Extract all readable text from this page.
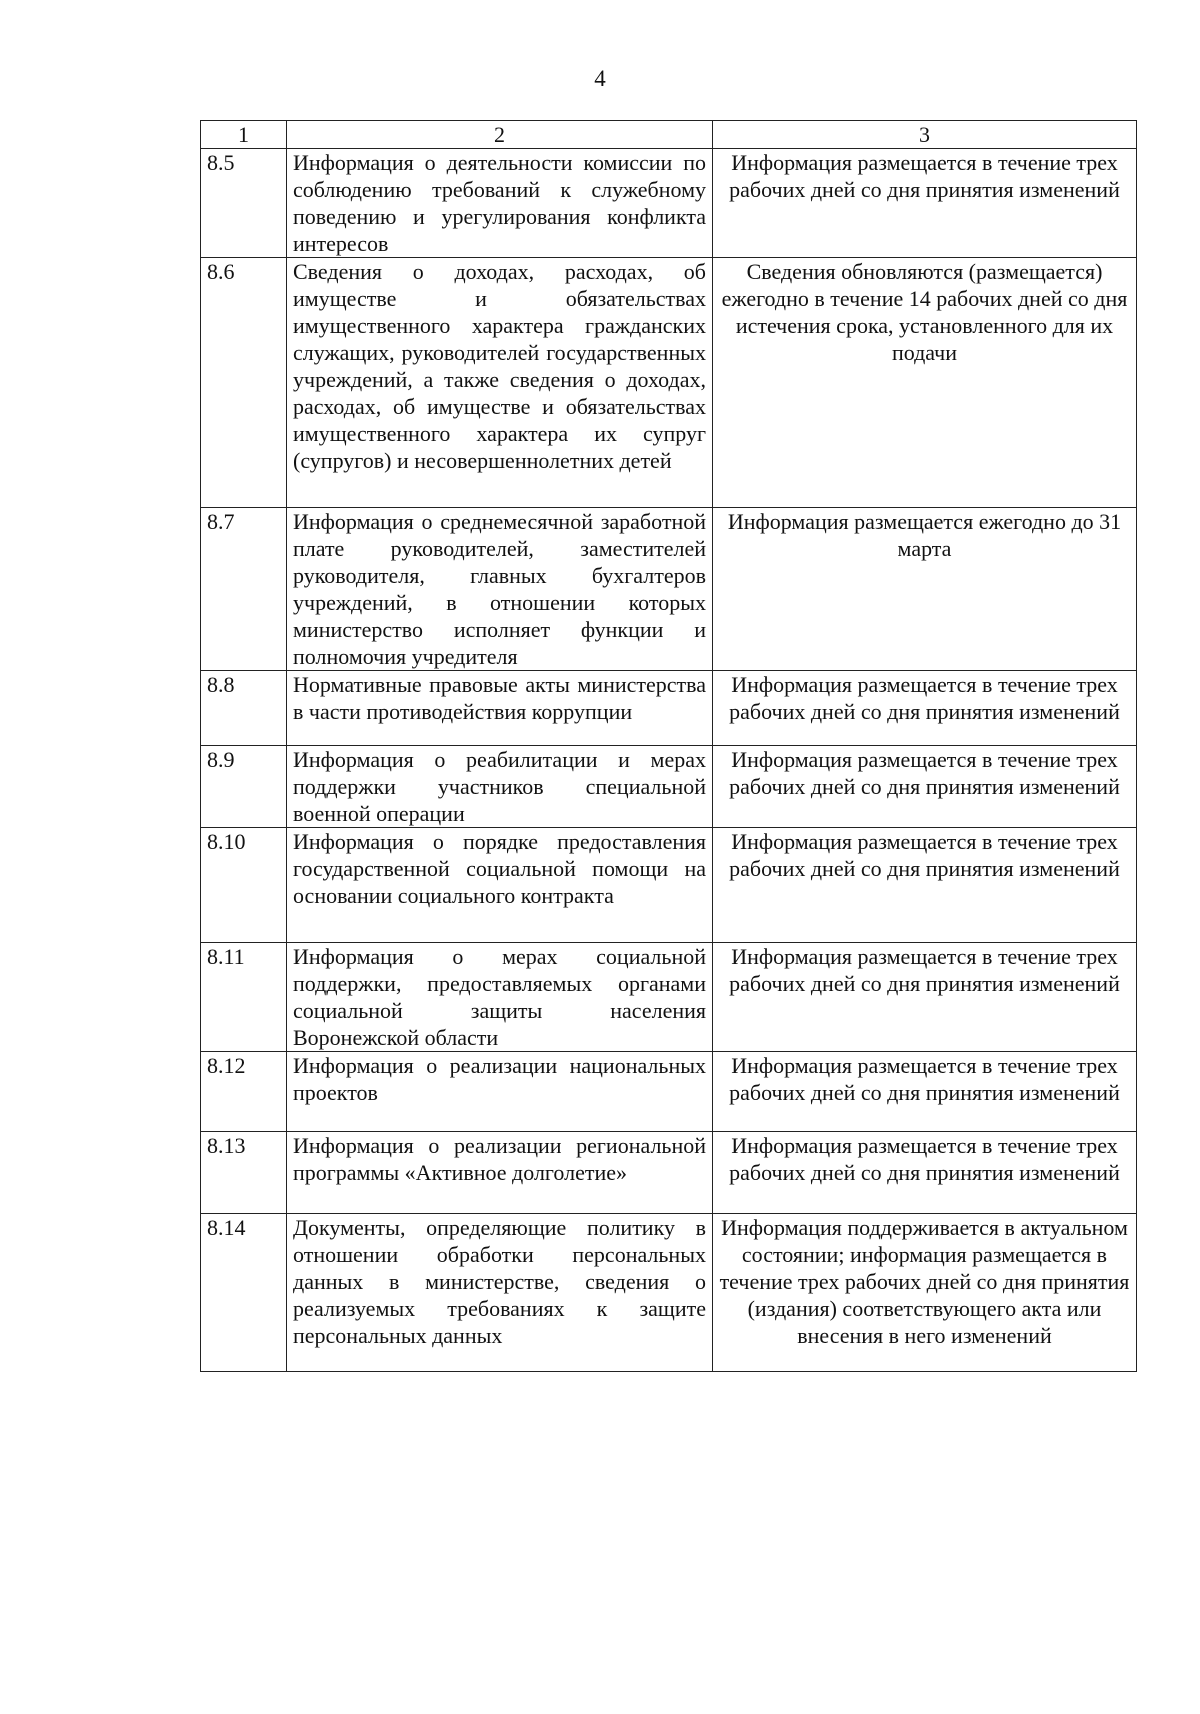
4
1	2	3
8.5	Информация о деятельности комиссии по соблюдению требований к служебному поведению и урегулирования конфликта интересов	Информация размещается в течение трех рабочих дней со дня принятия изменений
8.6	Сведения о доходах, расходах, об имуществе и обязательствах имущественного характера гражданских служащих, руководителей государственных учреждений, а также сведения о доходах, расходах, об имуществе и обязательствах имущественного характера их супруг (супругов) и несовершеннолетних детей	Сведения обновляются (размещается) ежегодно в течение 14 рабочих дней со дня истечения срока, установленного для их подачи
8.7	Информация о среднемесячной заработной плате руководителей, заместителей руководителя, главных бухгалтеров учреждений, в отношении которых министерство исполняет функции и полномочия учредителя	Информация размещается ежегодно до 31 марта
8.8	Нормативные правовые акты министерства в части противодействия коррупции	Информация размещается в течение трех рабочих дней со дня принятия изменений
8.9	Информация о реабилитации и мерах поддержки участников специальной военной операции	Информация размещается в течение трех рабочих дней со дня принятия изменений
8.10	Информация о порядке предоставления государственной социальной помощи на основании социального контракта	Информация размещается в течение трех рабочих дней со дня принятия изменений
8.11	Информация о мерах социальной поддержки, предоставляемых органами социальной защиты населения Воронежской области	Информация размещается в течение трех рабочих дней со дня принятия изменений
8.12	Информация о реализации национальных проектов	Информация размещается в течение трех рабочих дней со дня принятия изменений
8.13	Информация о реализации региональной программы «Активное долголетие»	Информация размещается в течение трех рабочих дней со дня принятия изменений
8.14	Документы, определяющие политику в отношении обработки персональных данных в министерстве, сведения о реализуемых требованиях к защите персональных данных	Информация поддерживается в актуальном состоянии; информация размещается в течение трех рабочих дней со дня принятия (издания) соответствующего акта или внесения в него изменений
